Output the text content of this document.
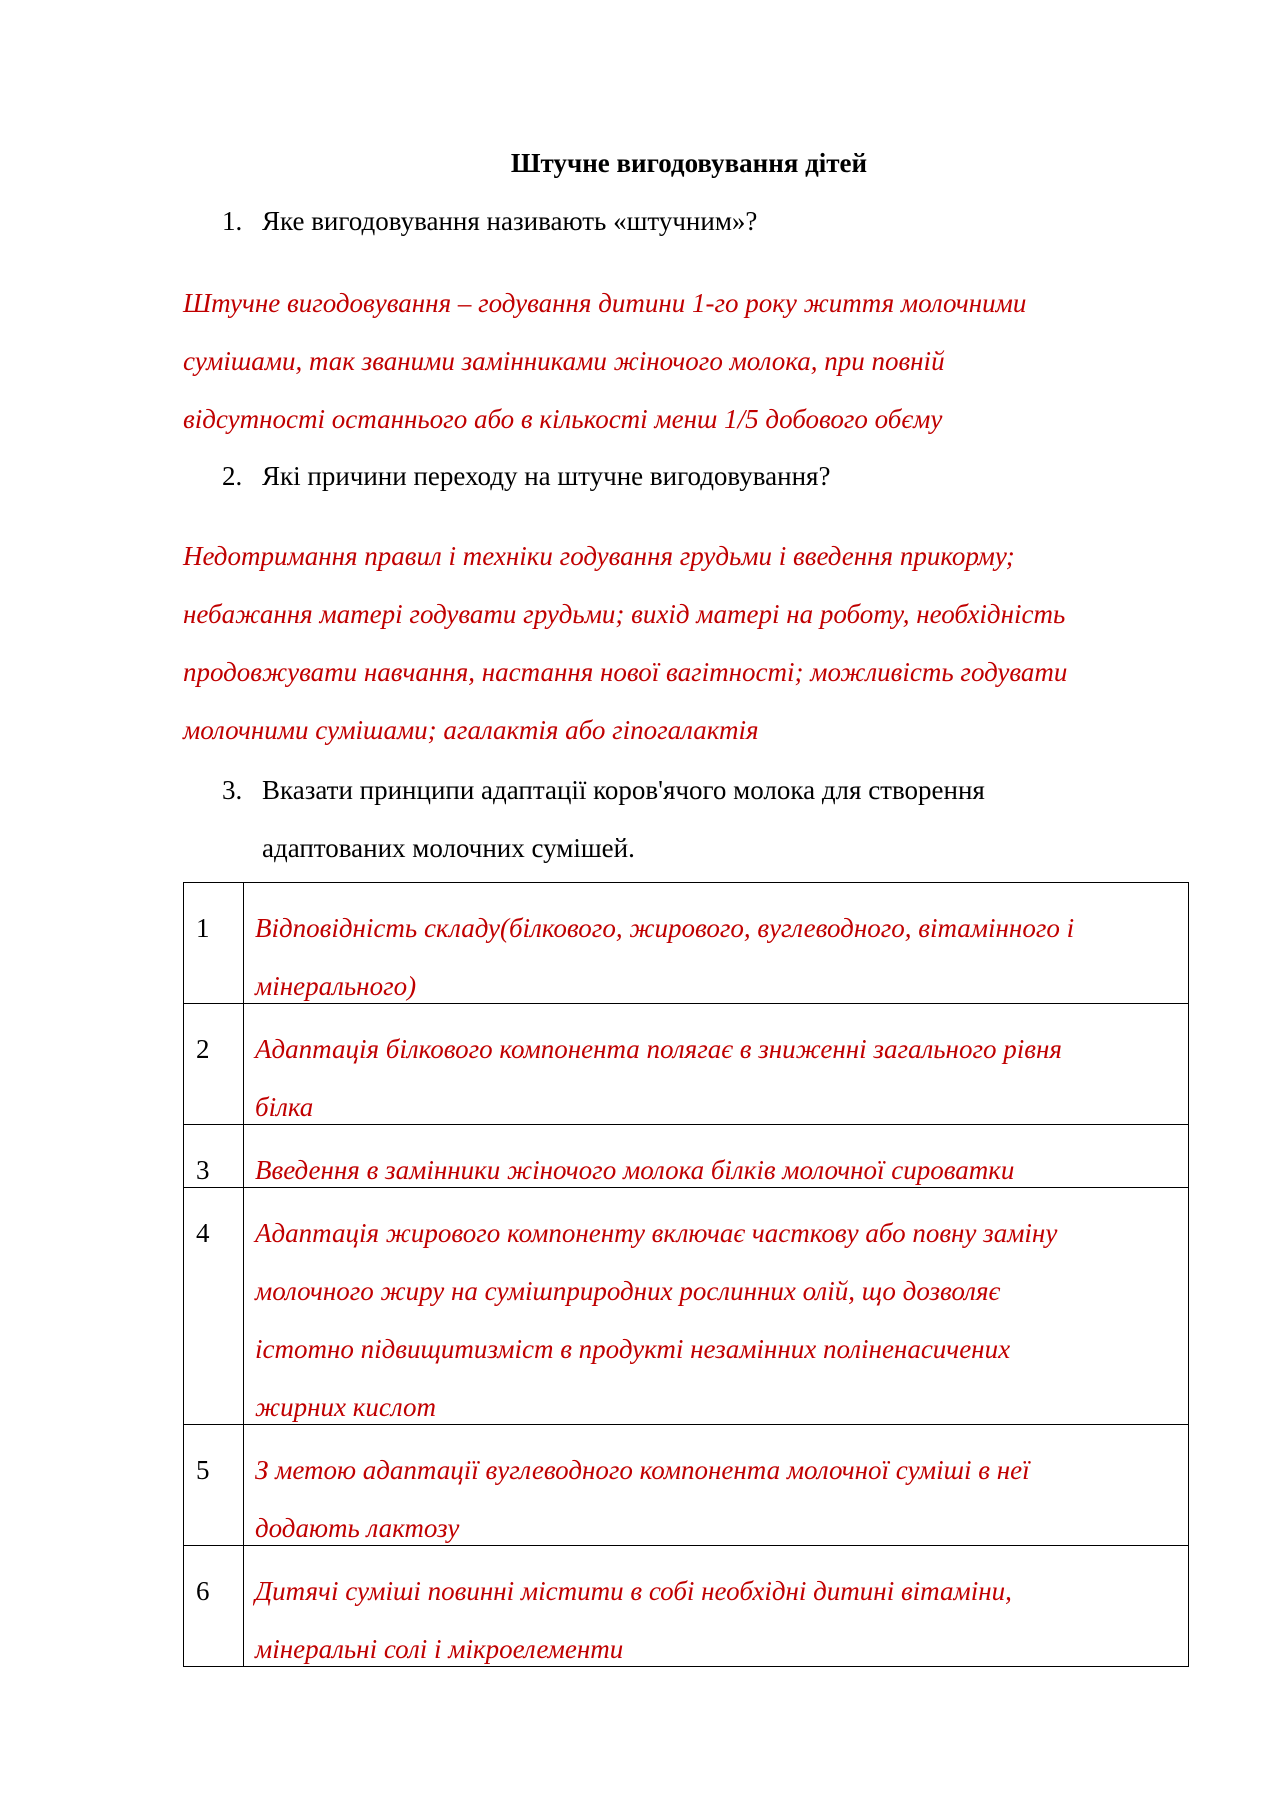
Штучне вигодовування дітей
1. Яке вигодовування називають «штучним»?
Штучне вигодовування – годування дитини 1-го року життя молочними
сумішами, так званими замінниками жіночого молока, при повній
відсутності останнього або в кількості менш 1/5 добового обєму
2. Які причини переходу на штучне вигодовування?
Недотримання правил і техніки годування грудьми і введення прикорму;
небажання матері годувати грудьми; вихід матері на роботу, необхідність
продовжувати навчання, настання нової вагітності; можливість годувати
молочними сумішами; агалактія або гіпогалактія
3. Вказати принципи адаптації коров'ячого молока для створення
адаптованих молочних сумішей.
1	Відповідність складу(білкового, жирового, вуглеводного, вітамінного і
мінерального)

2	Адаптація білкового компонента полягає в зниженні загального рівня
білка

3	Введення в замінники жіночого молока білків молочної сироватки

4	Адаптація жирового компоненту включає часткову або повну заміну
молочного жиру на сумішприродних рослинних олій, що дозволяє
істотно підвищитизміст в продукті незамінних поліненасичених
жирних кислот

5	З метою адаптації вуглеводного компонента молочної суміші в неї
додають лактозу

6	Дитячі суміші повинні містити в собі необхідні дитині вітаміни,
мінеральні солі і мікроелементи
